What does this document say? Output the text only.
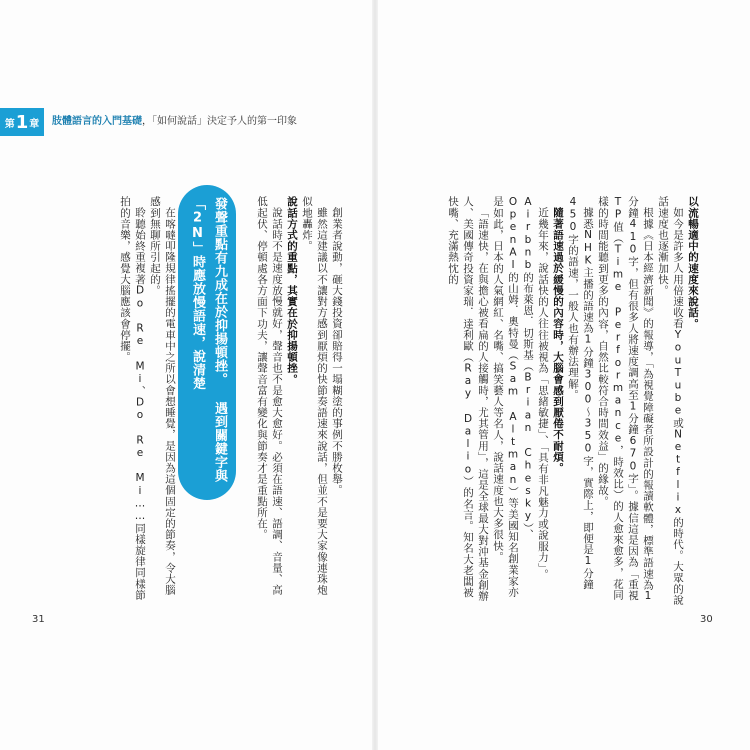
第 1 章 肢體語言的入門基礎，「如何說話」決定予人的第一印象

以流暢適中的速度來說話。

如今是許多人用倍速收看YouTube或Netflix的時代。大眾的說話速度也逐漸加快。

根據《日本經濟新聞》的報導，「為視覺障礙者所設計的報讀軟體，標準語速為1分鐘410字，但有很多人將速度調高至1分鐘670字」。據信這是因為「重視TP值（Time Performance，時效比）的人愈來愈多，花同樣的時間能聽到更多的內容，自然比較符合時間效益」的緣故。

據悉NHK主播的語速為1分鐘300～350字，實際上，即便是1分鐘450字的語速，一般人也有辦法理解。

隨著語速過於緩慢的內容時，大腦會感到厭倦不耐煩。

近幾年來，說話快的人往往被視為「思緒敏捷」、「具有非凡魅力或說服力」。Airbnb的布萊恩．切斯基（Brian Chesky）、OpenAI的山姆．奧特曼（Sam Altman）等美國知名創業家亦是如此，日本的人氣網紅、名嘴、搞笑藝人等名人，說話速度也大多很快。

「語速快，在與擔心被看扁的人接觸時，尤其管用」，這是全球最大對沖基金創辦人、美國傳奇投資家瑞．達利歐（Ray Dalio）的名言。知名大老闆被快嘴、充滿熱忱的

創業者說動，砸大錢投資卻賠得一塌糊塗的事例不勝枚舉。

雖然這建議以不讓對方感到厭煩的快節奏語速來說話，但並不是要大家像連珠炮似地轟炸。

說話方式的重點，其實在於抑揚頓挫。

說話時不是速度放慢就好，聲音也不是愈大愈好。必須在語速、語調、音量、高低起伏、停頓處各方面下功夫，讓聲音富有變化與節奏才是重點所在。

在喀噠叩隆規律搖擺的電車中之所以會想睡覺，是因為這個固定的節奏，令大腦感到無聊所引起的。

聆聽始終重複著Do Re Mi、Do Re Mi……同樣旋律同樣節拍的音樂，感覺大腦應該會停擺。	發聲重點有九成在於抑揚頓挫。 遇到關鍵字與「2N」時應放慢語速，說清楚
31	30
